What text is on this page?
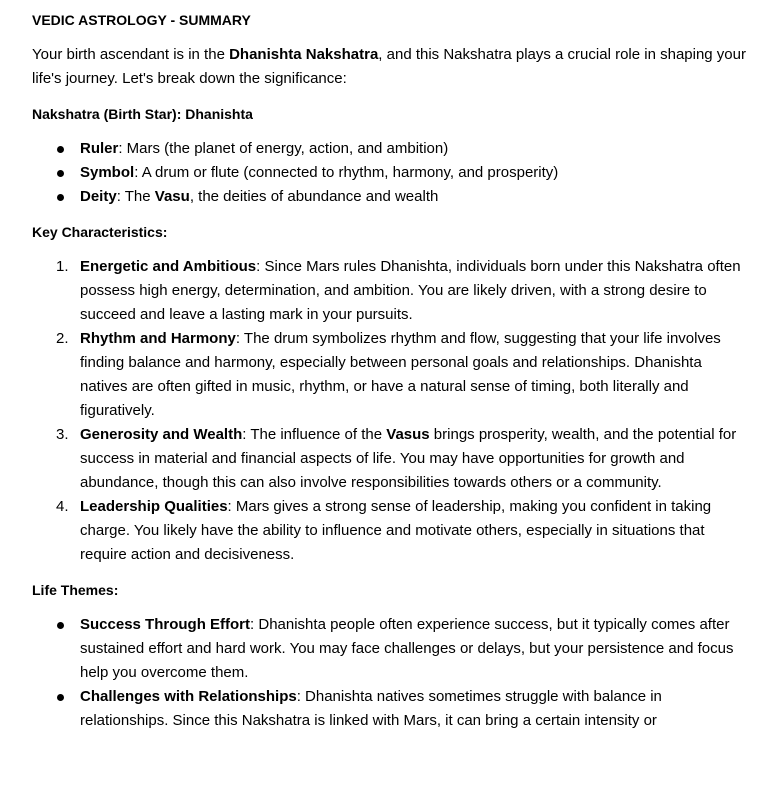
VEDIC ASTROLOGY - SUMMARY

Your birth ascendant is in the Dhanishta Nakshatra, and this Nakshatra plays a crucial role in shaping your life's journey. Let's break down the significance:

Nakshatra (Birth Star): Dhanishta
Ruler: Mars (the planet of energy, action, and ambition)
Symbol: A drum or flute (connected to rhythm, harmony, and prosperity)
Deity: The Vasu, the deities of abundance and wealth
Key Characteristics:
1. Energetic and Ambitious: Since Mars rules Dhanishta, individuals born under this Nakshatra often possess high energy, determination, and ambition. You are likely driven, with a strong desire to succeed and leave a lasting mark in your pursuits.
2. Rhythm and Harmony: The drum symbolizes rhythm and flow, suggesting that your life involves finding balance and harmony, especially between personal goals and relationships. Dhanishta natives are often gifted in music, rhythm, or have a natural sense of timing, both literally and figuratively.
3. Generosity and Wealth: The influence of the Vasus brings prosperity, wealth, and the potential for success in material and financial aspects of life. You may have opportunities for growth and abundance, though this can also involve responsibilities towards others or a community.
4. Leadership Qualities: Mars gives a strong sense of leadership, making you confident in taking charge. You likely have the ability to influence and motivate others, especially in situations that require action and decisiveness.
Life Themes:
Success Through Effort: Dhanishta people often experience success, but it typically comes after sustained effort and hard work. You may face challenges or delays, but your persistence and focus help you overcome them.
Challenges with Relationships: Dhanishta natives sometimes struggle with balance in relationships. Since this Nakshatra is linked with Mars, it can bring a certain intensity or
